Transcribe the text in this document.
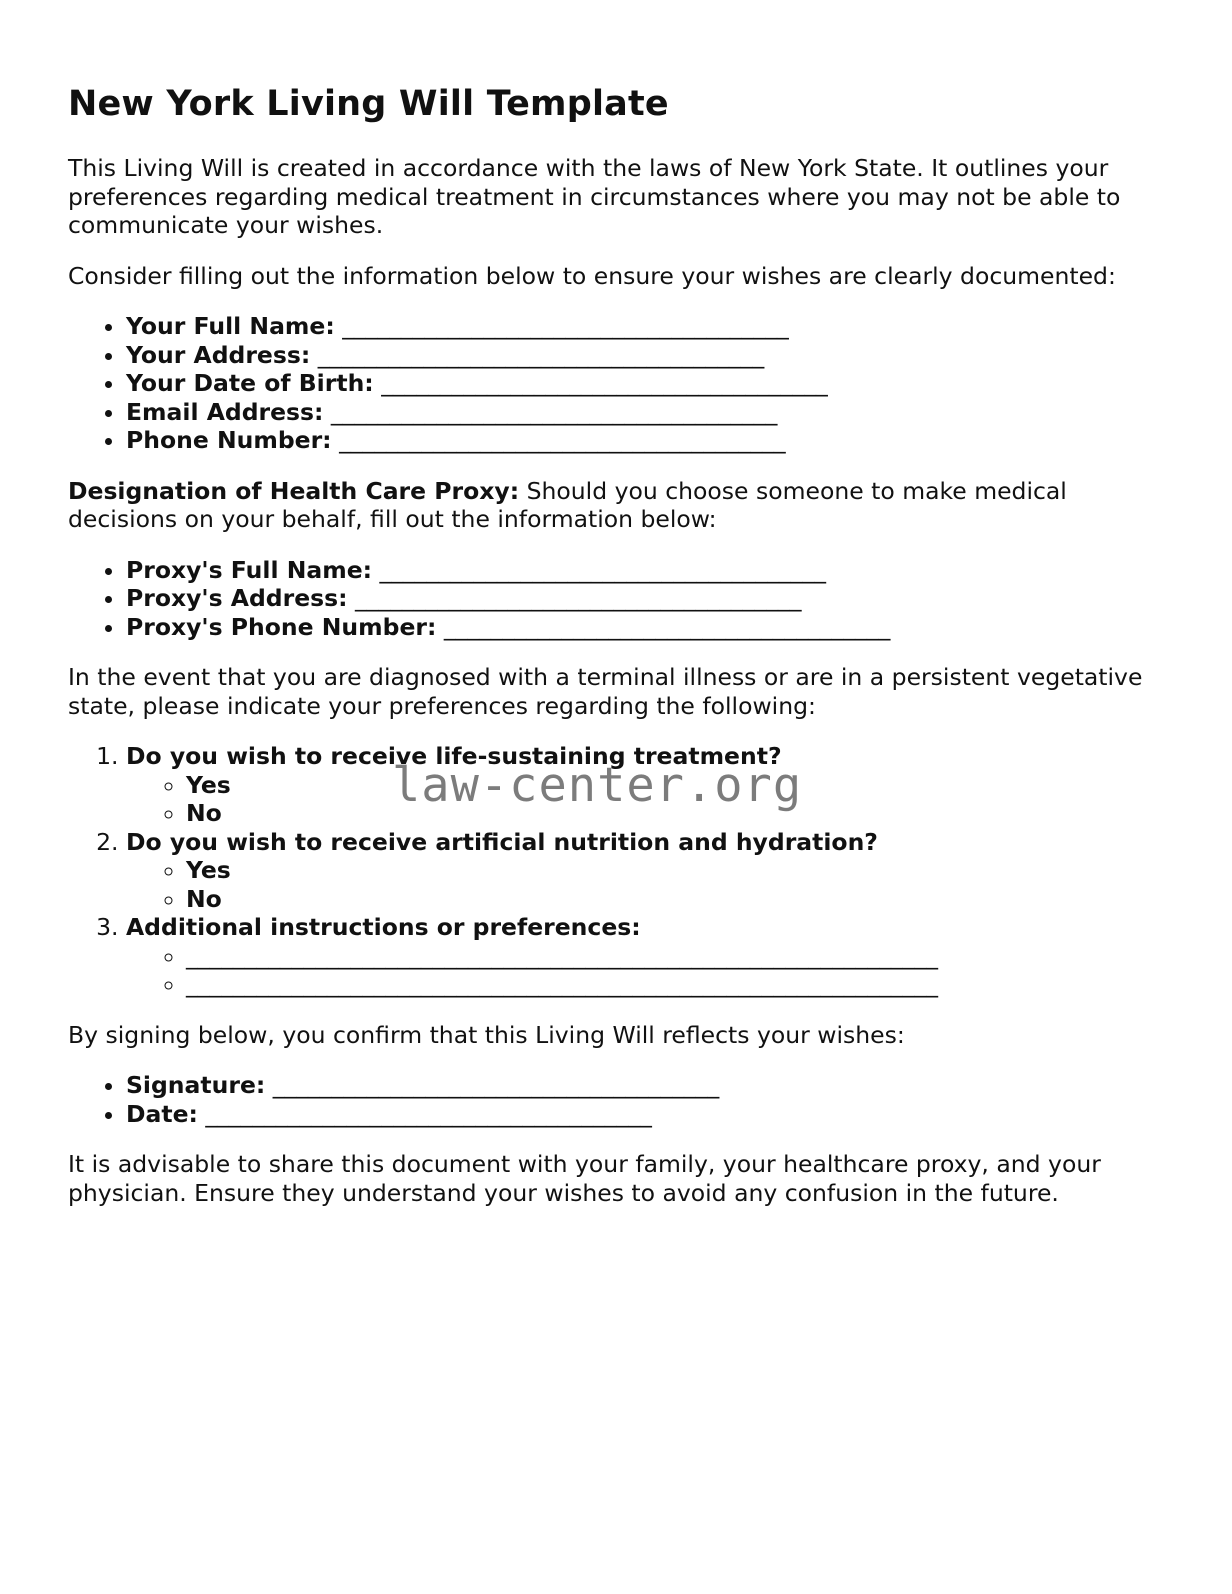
New York Living Will Template

This Living Will is created in accordance with the laws of New York State. It outlines your preferences regarding medical treatment in circumstances where you may not be able to communicate your wishes.

Consider filling out the information below to ensure your wishes are clearly documented:

• Your Full Name: ______________________________________
• Your Address: ______________________________________
• Your Date of Birth: ______________________________________
• Email Address: ______________________________________
• Phone Number: ______________________________________

Designation of Health Care Proxy: Should you choose someone to make medical decisions on your behalf, fill out the information below:

• Proxy's Full Name: ______________________________________
• Proxy's Address: ______________________________________
• Proxy's Phone Number: ______________________________________

In the event that you are diagnosed with a terminal illness or are in a persistent vegetative state, please indicate your preferences regarding the following:

1. Do you wish to receive life-sustaining treatment?
◦ Yes
◦ No
2. Do you wish to receive artificial nutrition and hydration?
◦ Yes
◦ No
3. Additional instructions or preferences:
◦ ________________________________________________________________
◦ ________________________________________________________________

By signing below, you confirm that this Living Will reflects your wishes:

• Signature: ______________________________________
• Date: ______________________________________

It is advisable to share this document with your family, your healthcare proxy, and your physician. Ensure they understand your wishes to avoid any confusion in the future.

law-center.org
